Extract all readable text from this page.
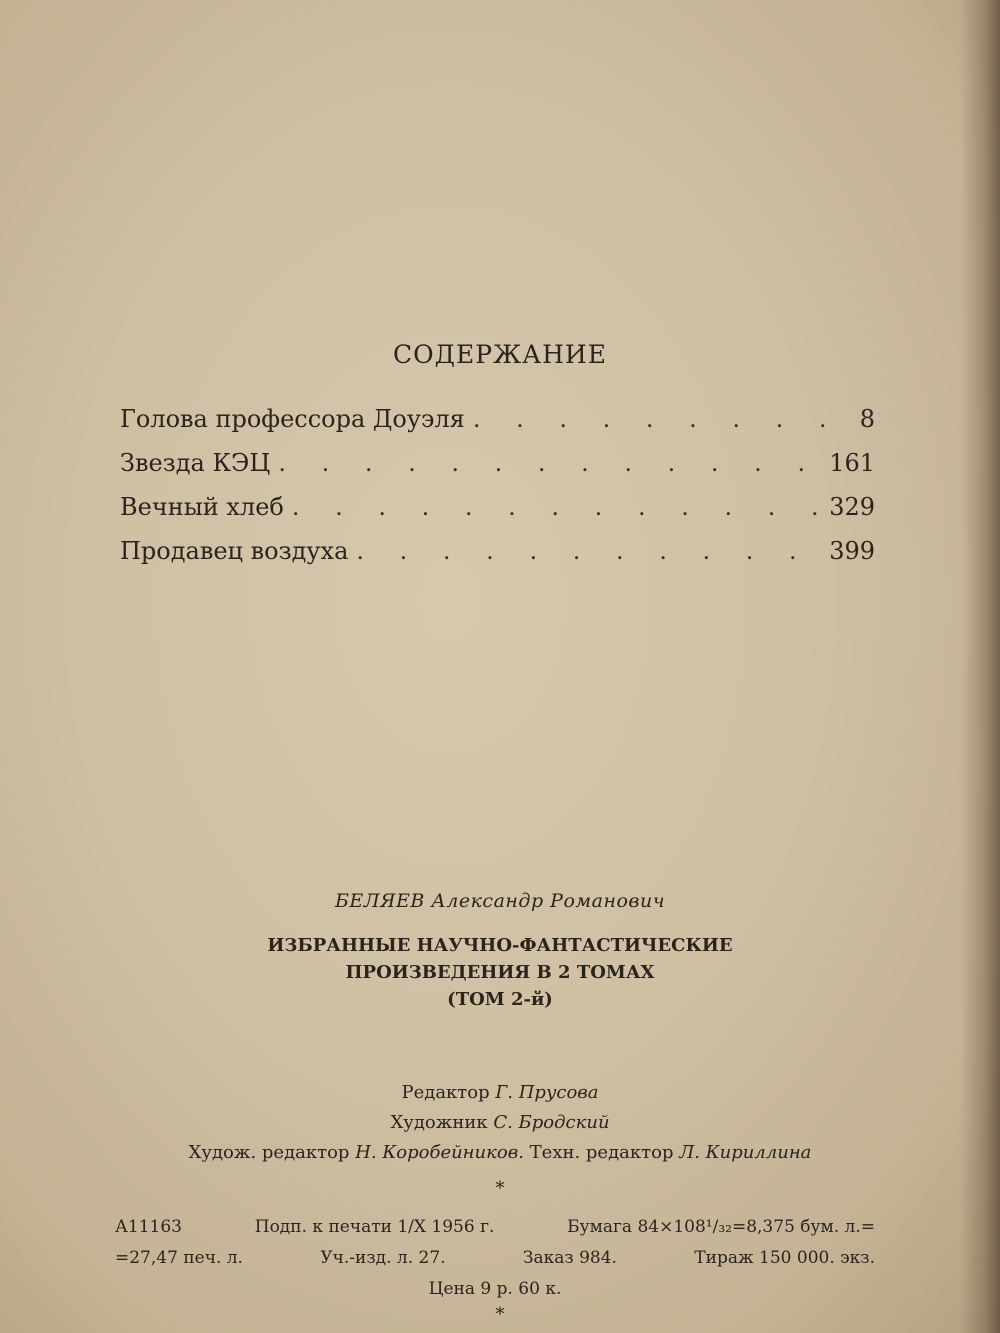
СОДЕРЖАНИЕ
Голова профессора Доуэля . . .	8
Звезда КЭЦ . . .	161
Вечный хлеб . . .	329
Продавец воздуха . . .	399
БЕЛЯЕВ Александр Романович
ИЗБРАННЫЕ НАУЧНО-ФАНТАСТИЧЕСКИЕ
ПРОИЗВЕДЕНИЯ В 2 ТОМАХ
(ТОМ 2-й)
Редактор Г. Прусова
Художник С. Бродский
Худож. редактор Н. Коробейников. Техн. редактор Л. Кириллина
*
А11163	Подп. к печати 1/X 1956 г.	Бумага 84×108¹/₃₂=8,375 бум. л.=
=27,47 печ. л.	Уч.-изд. л. 27.	Заказ 984.	Тираж 150 000. экз.
Цена 9 р. 60 к.
*
